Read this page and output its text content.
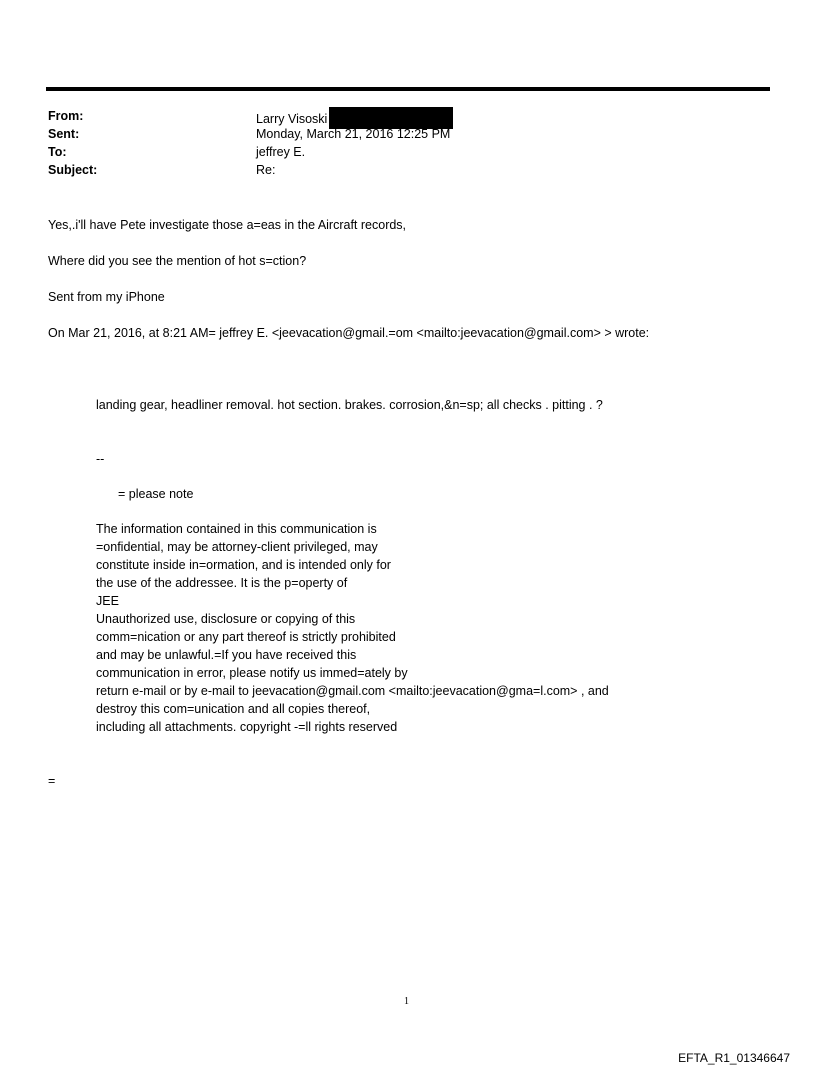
From:
Sent:
To:
Subject:
Larry Visoski
Monday, March 21, 2016 12:25 PM
jeffrey E.
Re:
Yes,.i'll have Pete investigate those a=eas in the Aircraft records,
Where did you see the mention of hot s=ction?
Sent from my iPhone
On Mar 21, 2016, at 8:21 AM= jeffrey E. <jeevacation@gmail.=om <mailto:jeevacation@gmail.com> > wrote:
landing gear, headliner removal. hot section. brakes. corrosion,&n=sp; all checks . pitting . ?
--
= please note
The information contained in this communication is
=onfidential, may be attorney-client privileged, may
constitute inside in=ormation, and is intended only for
the use of the addressee. It is the p=operty of
JEE
Unauthorized use, disclosure or copying of this
comm=nication or any part thereof is strictly prohibited
and may be unlawful.=If you have received this
communication in error, please notify us immed=ately by
return e-mail or by e-mail to jeevacation@gmail.com <mailto:jeevacation@gma=l.com> , and
destroy this com=unication and all copies thereof,
including all attachments. copyright -=ll rights reserved
=
1
EFTA_R1_01346647
